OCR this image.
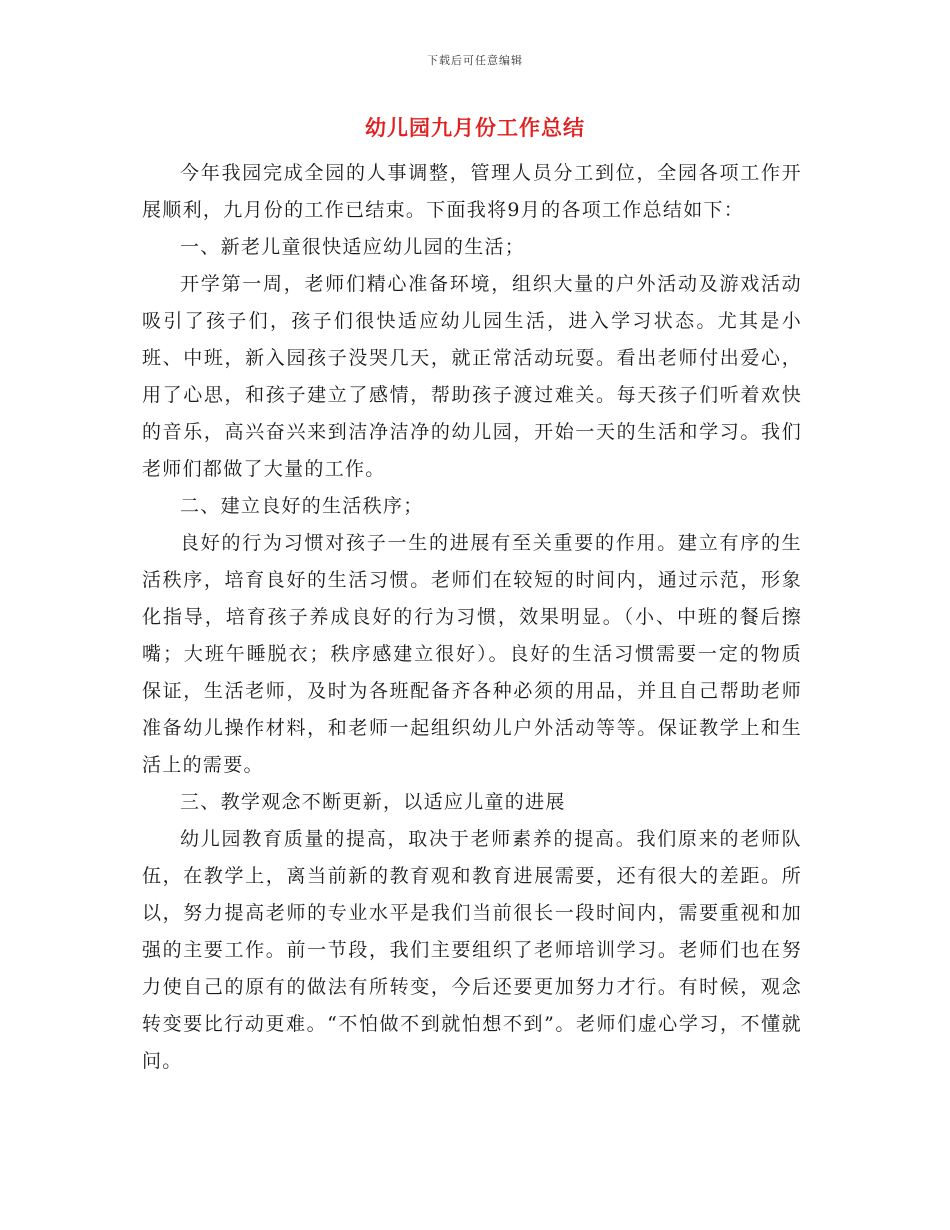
下载后可任意编辑
幼儿园九月份工作总结

今年我园完成全园的人事调整，管理人员分工到位，全园各项工作开展顺利，九月份的工作已结束。下面我将9月的各项工作总结如下：

一、新老儿童很快适应幼儿园的生活；

开学第一周，老师们精心准备环境，组织大量的户外活动及游戏活动吸引了孩子们，孩子们很快适应幼儿园生活，进入学习状态。尤其是小班、中班，新入园孩子没哭几天，就正常活动玩耍。看出老师付出爱心，用了心思，和孩子建立了感情，帮助孩子渡过难关。每天孩子们听着欢快的音乐，高兴奋兴来到洁净洁净的幼儿园，开始一天的生活和学习。我们老师们都做了大量的工作。

二、建立良好的生活秩序；

良好的行为习惯对孩子一生的进展有至关重要的作用。建立有序的生活秩序，培育良好的生活习惯。老师们在较短的时间内，通过示范，形象化指导，培育孩子养成良好的行为习惯，效果明显。（小、中班的餐后擦嘴；大班午睡脱衣；秩序感建立很好）。良好的生活习惯需要一定的物质保证，生活老师，及时为各班配备齐各种必须的用品，并且自己帮助老师准备幼儿操作材料，和老师一起组织幼儿户外活动等等。保证教学上和生活上的需要。

三、教学观念不断更新，以适应儿童的进展

幼儿园教育质量的提高，取决于老师素养的提高。我们原来的老师队伍，在教学上，离当前新的教育观和教育进展需要，还有很大的差距。所以，努力提高老师的专业水平是我们当前很长一段时间内，需要重视和加强的主要工作。前一节段，我们主要组织了老师培训学习。老师们也在努力使自己的原有的做法有所转变，今后还要更加努力才行。有时候，观念转变要比行动更难。“不怕做不到就怕想不到”。老师们虚心学习，不懂就问。
